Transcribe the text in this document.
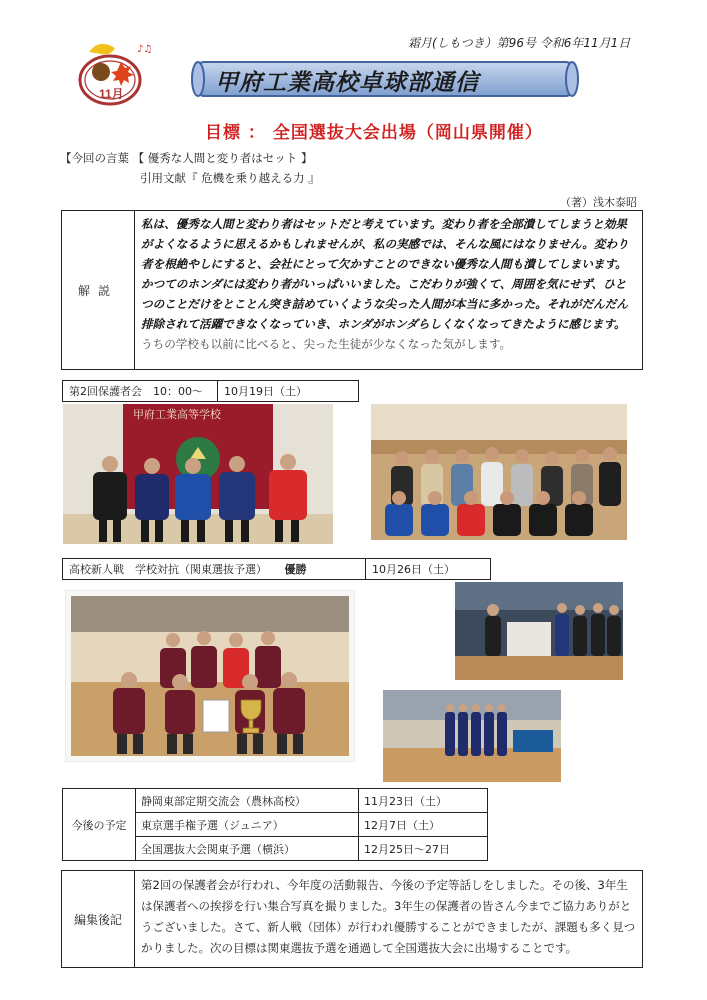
霜月(しもつき）第96号 令和6年11月1日
11月
♪♫
甲府工業高校卓球部通信
目標 ： 全国選抜大会出場（岡山県開催）
【今回の言葉 【 優秀な人間と変り者はセット 】
引用文献『 危機を乗り越える力 』
（著）浅木泰昭
解説	私は、優秀な人間と変わり者はセットだと考えています。変わり者を全部潰してしまうと効果がよくなるように思えるかもしれませんが、私の実感では、そんな風にはなりません。変わり者を根絶やしにすると、会社にとって欠かすことのできない優秀な人間も潰してしまいます。かつてのホンダには変わり者がいっぱいいました。こだわりが強くて、周囲を気にせず、ひとつのことだけをとことん突き詰めていくような尖った人間が本当に多かった。それがだんだん排除されて活躍できなくなっていき、ホンダがホンダらしくなくなってきたように感じます。
うちの学校も以前に比べると、尖った生徒が少なくなった気がします。
第2回保護者会　10：00～	10月19日（土）
甲府工業高等学校
高校新人戦　学校対抗（関東選抜予選） 優勝	10月26日（土）
今後の予定	静岡東部定期交流会（農林高校）	11月23日（土）
	東京選手権予選（ジュニア）	12月7日（土）
	全国選抜大会関東予選（横浜）	12月25日～27日
編集後記	第2回の保護者会が行われ、今年度の活動報告、今後の予定等話しをしました。その後、3年生は保護者への挨拶を行い集合写真を撮りました。3年生の保護者の皆さん今までご協力ありがとうございました。さて、新人戦（団体）が行われ優勝することができましたが、課題も多く見つかりました。次の目標は関東選抜予選を通過して全国選抜大会に出場することです。
